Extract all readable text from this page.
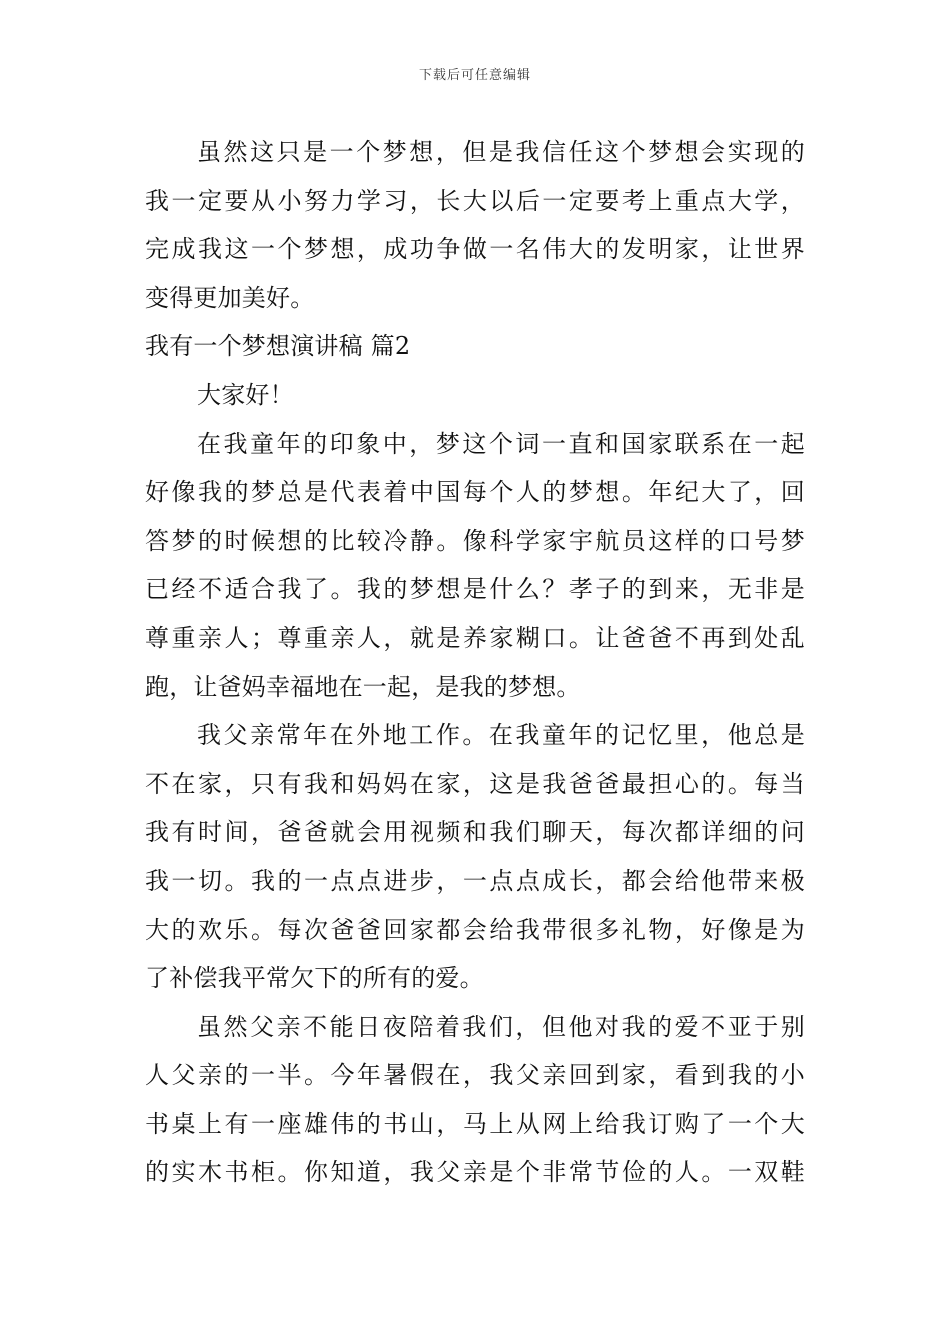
下载后可任意编辑
虽然这只是一个梦想，但是我信任这个梦想会实现的
我一定要从小努力学习，长大以后一定要考上重点大学，
完成我这一个梦想，成功争做一名伟大的发明家，让世界
变得更加美好。
我有一个梦想演讲稿 篇2
大家好！
在我童年的印象中，梦这个词一直和国家联系在一起
好像我的梦总是代表着中国每个人的梦想。年纪大了，回
答梦的时候想的比较冷静。像科学家宇航员这样的口号梦
已经不适合我了。我的梦想是什么？孝子的到来，无非是
尊重亲人；尊重亲人，就是养家糊口。让爸爸不再到处乱
跑，让爸妈幸福地在一起，是我的梦想。
我父亲常年在外地工作。在我童年的记忆里，他总是
不在家，只有我和妈妈在家，这是我爸爸最担心的。每当
我有时间，爸爸就会用视频和我们聊天，每次都详细的问
我一切。我的一点点进步，一点点成长，都会给他带来极
大的欢乐。每次爸爸回家都会给我带很多礼物，好像是为
了补偿我平常欠下的所有的爱。
虽然父亲不能日夜陪着我们，但他对我的爱不亚于别
人父亲的一半。今年暑假在，我父亲回到家，看到我的小
书桌上有一座雄伟的书山，马上从网上给我订购了一个大
的实木书柜。你知道，我父亲是个非常节俭的人。一双鞋
